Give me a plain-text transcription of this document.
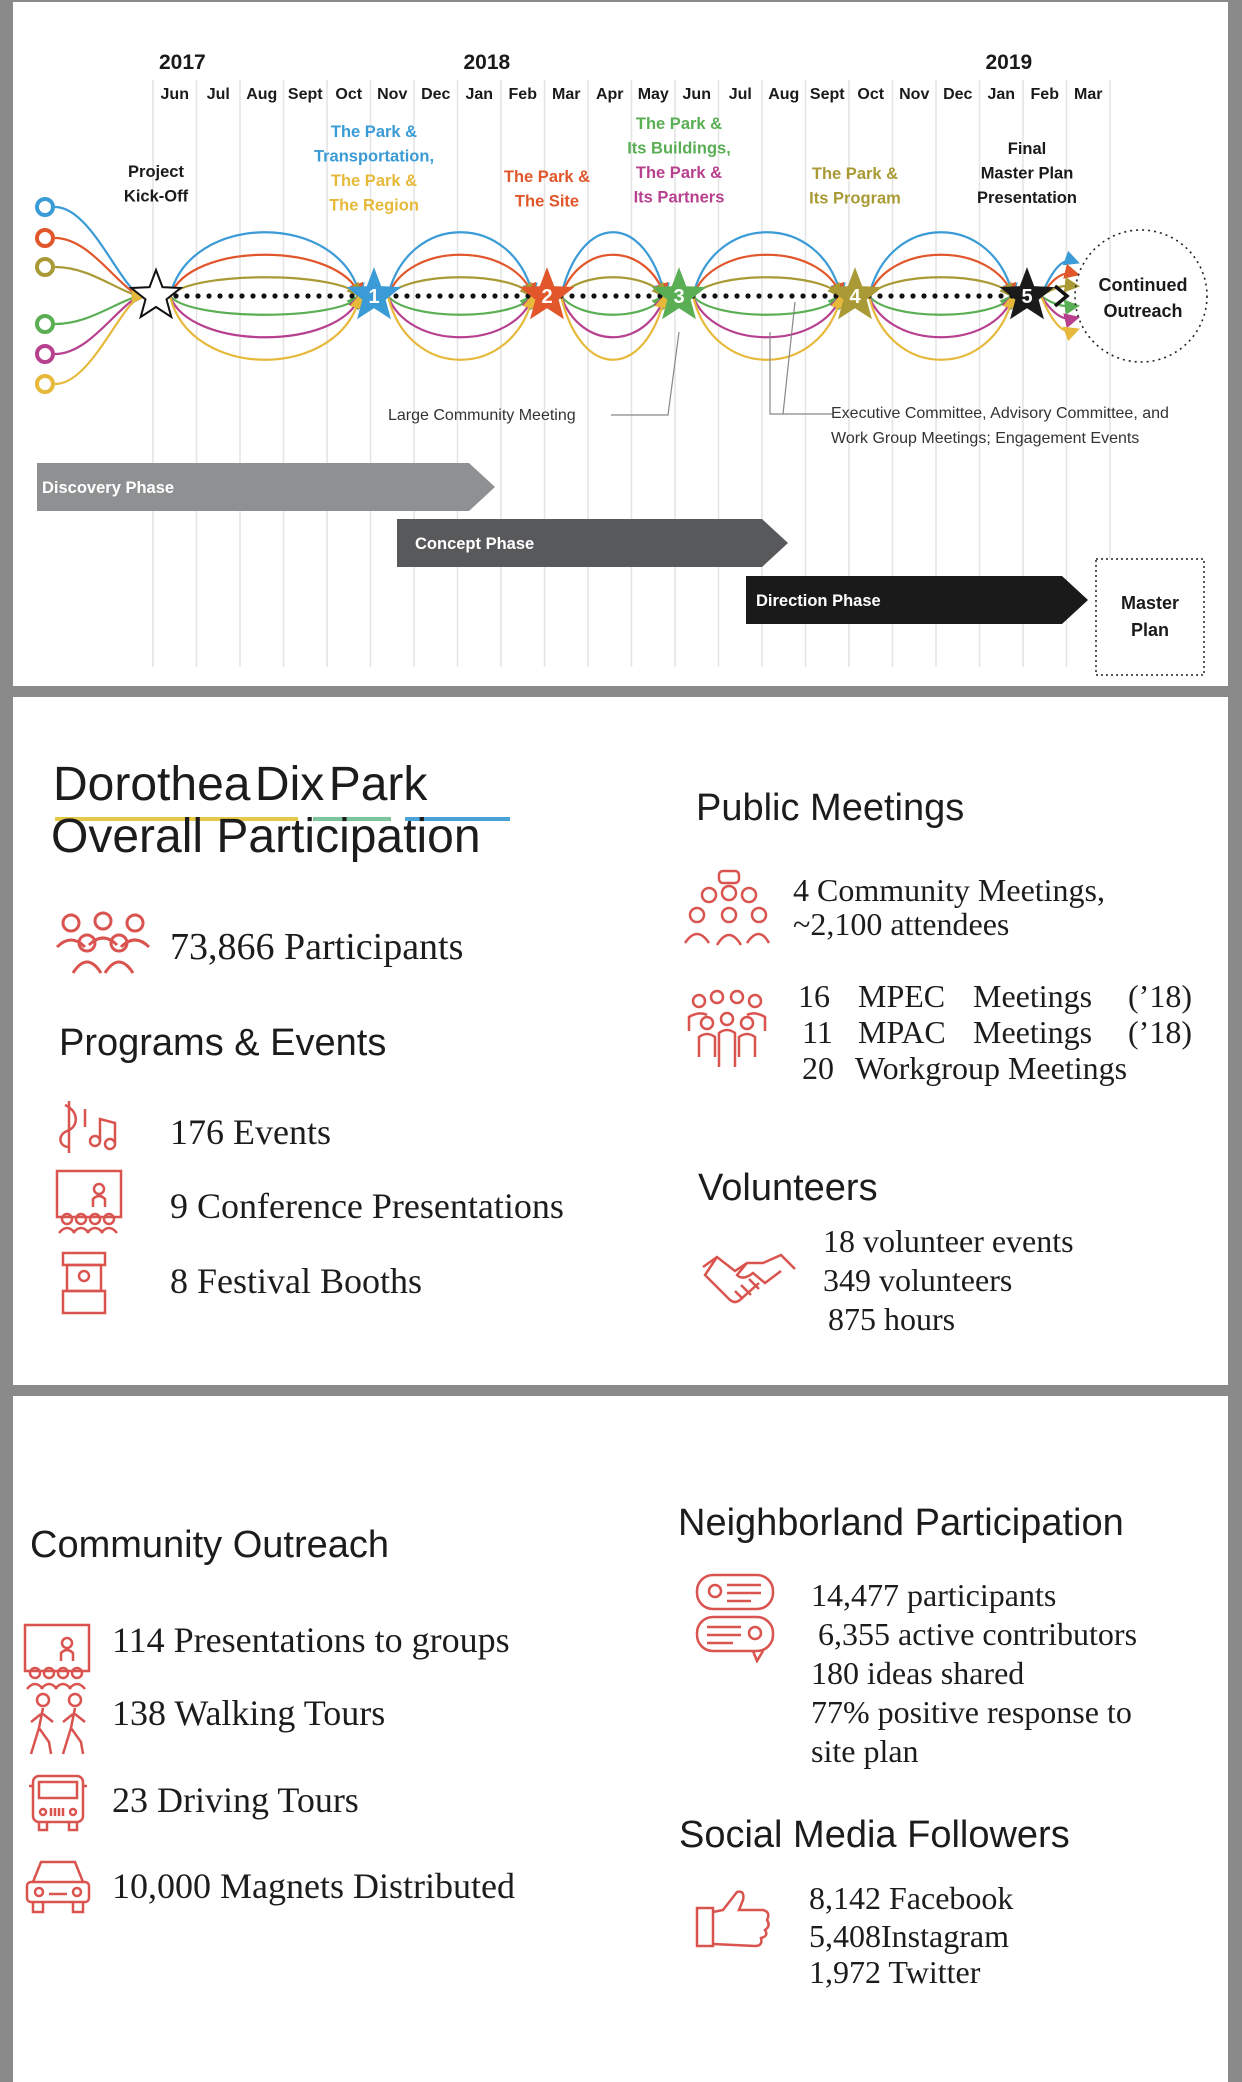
2017	2018	2019
Jun Jul Aug Sept Oct Nov Dec Jan Feb Mar Apr May Jun Jul Aug Sept Oct Nov Dec Jan Feb Mar
1	2	3	4	5
Project
Kick-Off
The Park &
Transportation,
The Park &
The Region
The Park &
The Site
The Park &
Its Buildings,
The Park &
Its Partners
The Park &
Its Program
Final
Master Plan
Presentation
Continued
Outreach
Large Community Meeting	Executive Committee, Advisory Committee, and
Work Group Meetings; Engagement Events
Discovery Phase
Concept Phase
Direction Phase	Master
Plan
Dorothea Dix Park
Overall Participation
73,866 Participants
Programs & Events
176 Events
9 Conference Presentations
8 Festival Booths
Public Meetings
4 Community Meetings,
~2,100 attendees
16 MPEC Meetings (’18)
11 MPAC Meetings (’18)
20 Workgroup Meetings
Volunteers
18 volunteer events
349 volunteers
875 hours
Community Outreach
114 Presentations to groups
138 Walking Tours
23 Driving Tours
10,000 Magnets Distributed
Neighborland Participation
14,477 participants
6,355 active contributors
180 ideas shared
77% positive response to
site plan
Social Media Followers
8,142 Facebook
5,408Instagram
1,972 Twitter
